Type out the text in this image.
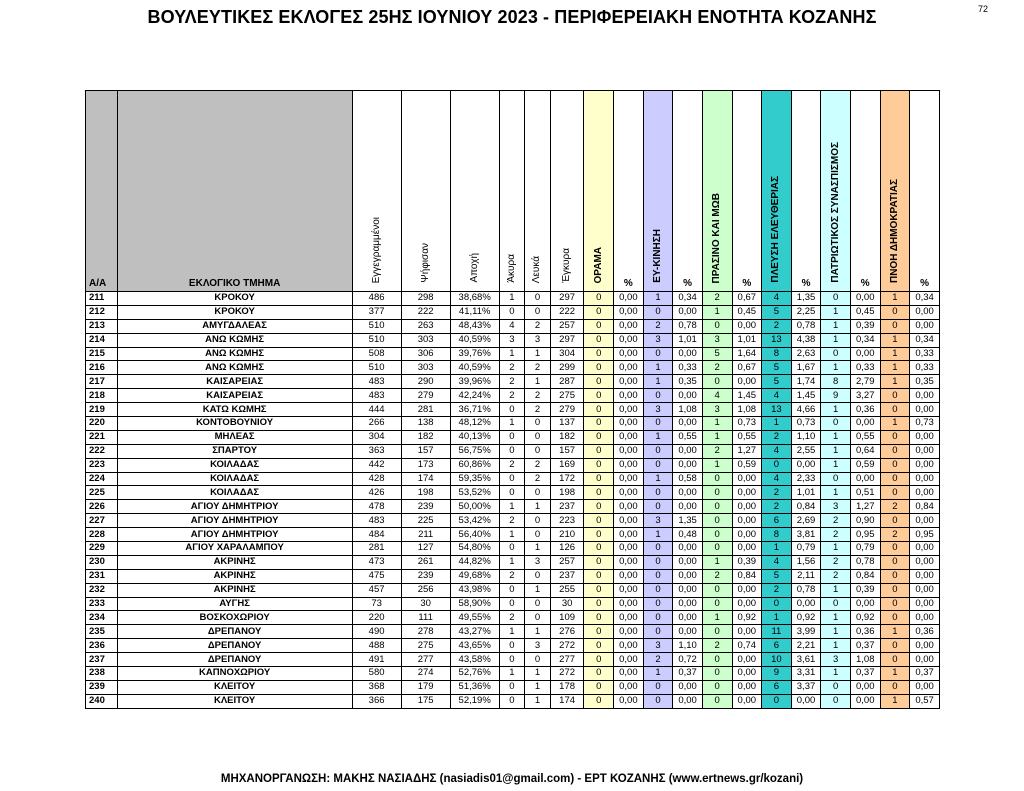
ΒΟΥΛΕΥΤΙΚΕΣ ΕΚΛΟΓΕΣ 25ΗΣ ΙΟΥΝΙΟΥ 2023 - ΠΕΡΙΦΕΡΕΙΑΚΗ ΕΝΟΤΗΤΑ ΚΟΖΑΝΗΣ	72
Α/Α	ΕΚΛΟΓΙΚΟ ΤΜΗΜΑ	Εγγεγραμμένοι	Ψήφισαν	Αποχή	Άκυρα	Λευκά	Έγκυρα	ΟΡΑΜΑ	%	ΕΥ-ΚΙΝΗΣΗ	%	ΠΡΑΣΙΝΟ ΚΑΙ ΜΩΒ	%	ΠΛΕΥΣΗ ΕΛΕΥΘΕΡΙΑΣ	%	ΠΑΤΡΙΩΤΙΚΟΣ ΣΥΝΑΣΠΙΣΜΟΣ	%	ΠΝΟΗ ΔΗΜΟΚΡΑΤΙΑΣ	%
211	ΚΡΟΚΟΥ	486	298	38,68%	1	0	297	0	0,00	1	0,34	2	0,67	4	1,35	0	0,00	1	0,34
212	ΚΡΟΚΟΥ	377	222	41,11%	0	0	222	0	0,00	0	0,00	1	0,45	5	2,25	1	0,45	0	0,00
213	ΑΜΥΓΔΑΛΕΑΣ	510	263	48,43%	4	2	257	0	0,00	2	0,78	0	0,00	2	0,78	1	0,39	0	0,00
214	ΑΝΩ ΚΩΜΗΣ	510	303	40,59%	3	3	297	0	0,00	3	1,01	3	1,01	13	4,38	1	0,34	1	0,34
215	ΑΝΩ ΚΩΜΗΣ	508	306	39,76%	1	1	304	0	0,00	0	0,00	5	1,64	8	2,63	0	0,00	1	0,33
216	ΑΝΩ ΚΩΜΗΣ	510	303	40,59%	2	2	299	0	0,00	1	0,33	2	0,67	5	1,67	1	0,33	1	0,33
217	ΚΑΙΣΑΡΕΙΑΣ	483	290	39,96%	2	1	287	0	0,00	1	0,35	0	0,00	5	1,74	8	2,79	1	0,35
218	ΚΑΙΣΑΡΕΙΑΣ	483	279	42,24%	2	2	275	0	0,00	0	0,00	4	1,45	4	1,45	9	3,27	0	0,00
219	ΚΑΤΩ ΚΩΜΗΣ	444	281	36,71%	0	2	279	0	0,00	3	1,08	3	1,08	13	4,66	1	0,36	0	0,00
220	ΚΟΝΤΟΒΟΥΝΙΟΥ	266	138	48,12%	1	0	137	0	0,00	0	0,00	1	0,73	1	0,73	0	0,00	1	0,73
221	ΜΗΛΕΑΣ	304	182	40,13%	0	0	182	0	0,00	1	0,55	1	0,55	2	1,10	1	0,55	0	0,00
222	ΣΠΑΡΤΟΥ	363	157	56,75%	0	0	157	0	0,00	0	0,00	2	1,27	4	2,55	1	0,64	0	0,00
223	ΚΟΙΛΑΔΑΣ	442	173	60,86%	2	2	169	0	0,00	0	0,00	1	0,59	0	0,00	1	0,59	0	0,00
224	ΚΟΙΛΑΔΑΣ	428	174	59,35%	0	2	172	0	0,00	1	0,58	0	0,00	4	2,33	0	0,00	0	0,00
225	ΚΟΙΛΑΔΑΣ	426	198	53,52%	0	0	198	0	0,00	0	0,00	0	0,00	2	1,01	1	0,51	0	0,00
226	ΑΓΙΟΥ ΔΗΜΗΤΡΙΟΥ	478	239	50,00%	1	1	237	0	0,00	0	0,00	0	0,00	2	0,84	3	1,27	2	0,84
227	ΑΓΙΟΥ ΔΗΜΗΤΡΙΟΥ	483	225	53,42%	2	0	223	0	0,00	3	1,35	0	0,00	6	2,69	2	0,90	0	0,00
228	ΑΓΙΟΥ ΔΗΜΗΤΡΙΟΥ	484	211	56,40%	1	0	210	0	0,00	1	0,48	0	0,00	8	3,81	2	0,95	2	0,95
229	ΑΓΙΟΥ ΧΑΡΑΛΑΜΠΟΥ	281	127	54,80%	0	1	126	0	0,00	0	0,00	0	0,00	1	0,79	1	0,79	0	0,00
230	ΑΚΡΙΝΗΣ	473	261	44,82%	1	3	257	0	0,00	0	0,00	1	0,39	4	1,56	2	0,78	0	0,00
231	ΑΚΡΙΝΗΣ	475	239	49,68%	2	0	237	0	0,00	0	0,00	2	0,84	5	2,11	2	0,84	0	0,00
232	ΑΚΡΙΝΗΣ	457	256	43,98%	0	1	255	0	0,00	0	0,00	0	0,00	2	0,78	1	0,39	0	0,00
233	ΑΥΓΗΣ	73	30	58,90%	0	0	30	0	0,00	0	0,00	0	0,00	0	0,00	0	0,00	0	0,00
234	ΒΟΣΚΟΧΩΡΙΟΥ	220	111	49,55%	2	0	109	0	0,00	0	0,00	1	0,92	1	0,92	1	0,92	0	0,00
235	ΔΡΕΠΑΝΟΥ	490	278	43,27%	1	1	276	0	0,00	0	0,00	0	0,00	11	3,99	1	0,36	1	0,36
236	ΔΡΕΠΑΝΟΥ	488	275	43,65%	0	3	272	0	0,00	3	1,10	2	0,74	6	2,21	1	0,37	0	0,00
237	ΔΡΕΠΑΝΟΥ	491	277	43,58%	0	0	277	0	0,00	2	0,72	0	0,00	10	3,61	3	1,08	0	0,00
238	ΚΑΠΝΟΧΩΡΙΟΥ	580	274	52,76%	1	1	272	0	0,00	1	0,37	0	0,00	9	3,31	1	0,37	1	0,37
239	ΚΛΕΙΤΟΥ	368	179	51,36%	0	1	178	0	0,00	0	0,00	0	0,00	6	3,37	0	0,00	0	0,00
240	ΚΛΕΙΤΟΥ	366	175	52,19%	0	1	174	0	0,00	0	0,00	0	0,00	0	0,00	0	0,00	1	0,57
ΜΗΧΑΝΟΡΓΑΝΩΣΗ: ΜΑΚΗΣ ΝΑΣΙΑΔΗΣ (nasiadis01@gmail.com) - ΕΡΤ ΚΟΖΑΝΗΣ (www.ertnews.gr/kozani)
